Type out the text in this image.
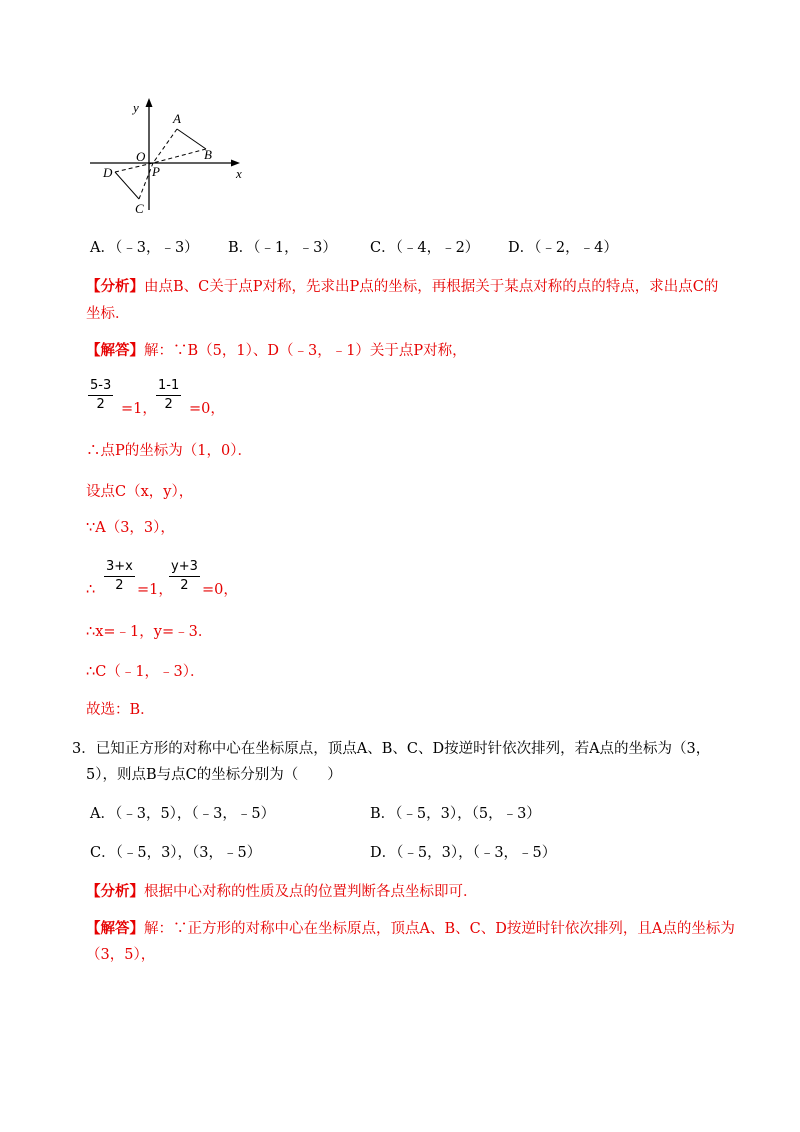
y
x
O
A
B
P
D
C
A．（﹣3，﹣3） B．（﹣1，﹣3） C．（﹣4，﹣2） D．（﹣2，﹣4）
【分析】由点B、C关于点P对称，先求出P点的坐标，再根据关于某点对称的点的特点，求出点C的
坐标．
【解答】解：∵B（5，1）、D（﹣3，﹣1）关于点P对称，
5-3
2	=1，
1-1
2	=0，
∴点P的坐标为（1，0）．
设点C（x，y），
∵A（3，3），
∴
3+x
2 =1，
y+3
2 =0，
∴x=﹣1，y=﹣3．
∴C（﹣1，﹣3）．
故选：B．
3．已知正方形的对称中心在坐标原点，顶点A、B、C、D按逆时针依次排列，若A点的坐标为（3，
5），则点B与点C的坐标分别为（　　）
A．（﹣3，5），（﹣3，﹣5）	B．（﹣5，3），（5，﹣3）
C．（﹣5，3），（3，﹣5）	D．（﹣5，3），（﹣3，﹣5）
【分析】根据中心对称的性质及点的位置判断各点坐标即可．
【解答】解：∵正方形的对称中心在坐标原点，顶点A、B、C、D按逆时针依次排列，且A点的坐标为
（3，5），
